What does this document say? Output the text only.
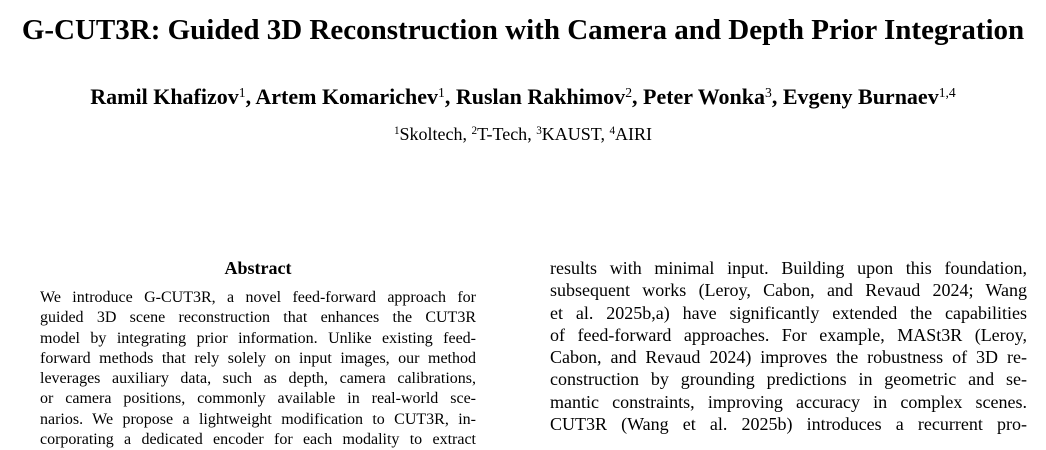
G-CUT3R: Guided 3D Reconstruction with Camera and Depth Prior Integration
Ramil Khafizov$^1$, Artem Komarichev$^1$, Ruslan Rakhimov$^2$, Peter Wonka$^3$, Evgeny Burnaev$^{1,4}$
$^1$Skoltech, $^2$T-Tech, $^3$KAUST, $^4$AIRI
Abstract
We introduce G-CUT3R, a novel feed-forward approach for
guided 3D scene reconstruction that enhances the CUT3R
model by integrating prior information. Unlike existing feed-
forward methods that rely solely on input images, our method
leverages auxiliary data, such as depth, camera calibrations,
or camera positions, commonly available in real-world sce-
narios. We propose a lightweight modification to CUT3R, in-
corporating a dedicated encoder for each modality to extract
results with minimal input. Building upon this foundation,
subsequent works (Leroy, Cabon, and Revaud 2024; Wang
et al. 2025b,a) have significantly extended the capabilities
of feed-forward approaches. For example, MASt3R (Leroy,
Cabon, and Revaud 2024) improves the robustness of 3D re-
construction by grounding predictions in geometric and se-
mantic constraints, improving accuracy in complex scenes.
CUT3R (Wang et al. 2025b) introduces a recurrent pro-
